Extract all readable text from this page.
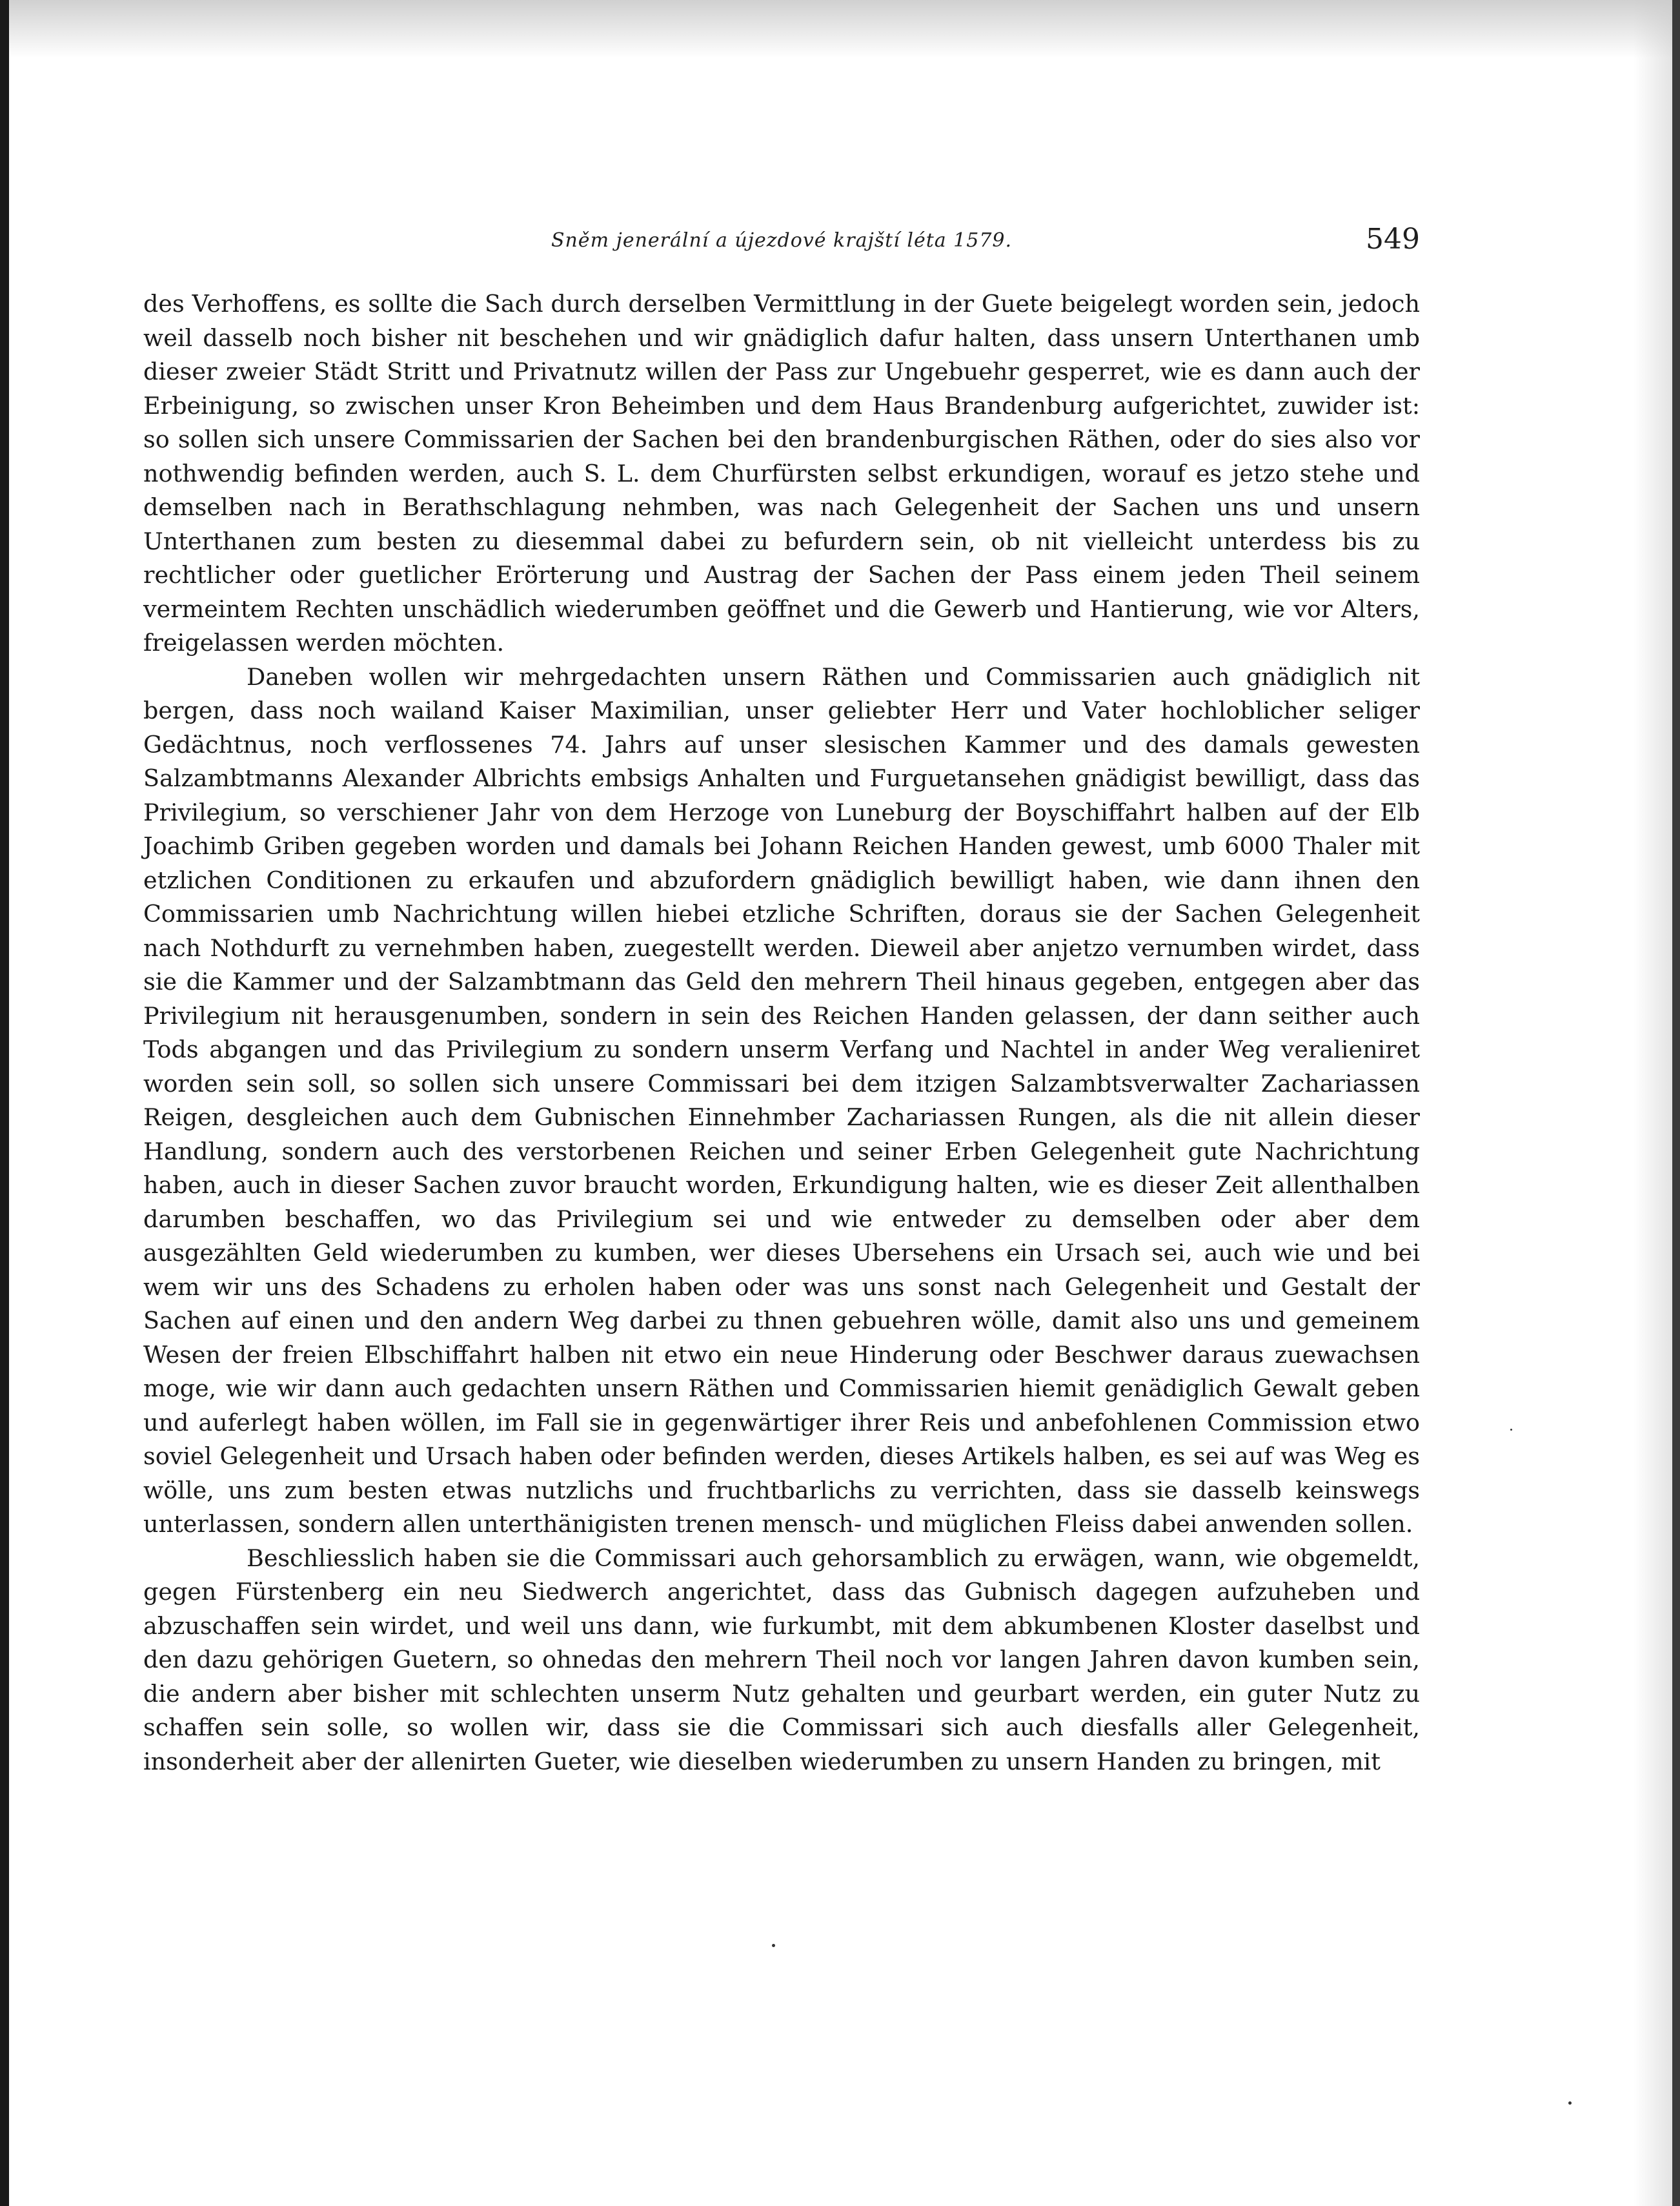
Sněm jenerální a újezdové krajští léta 1579.	549

des Verhoffens, es sollte die Sach durch derselben Vermittlung in der Guete beigelegt worden sein, jedoch weil dasselb noch bisher nit beschehen und wir gnädiglich dafur halten, dass unsern Unterthanen umb dieser zweier Städt Stritt und Privatnutz willen der Pass zur Ungebuehr gesperret, wie es dann auch der Erbeinigung, so zwischen unser Kron Beheimben und dem Haus Brandenburg aufgerichtet, zuwider ist: so sollen sich unsere Commissarien der Sachen bei den brandenburgischen Räthen, oder do sies also vor nothwendig befinden werden, auch S. L. dem Churfürsten selbst erkundigen, worauf es jetzo stehe und demselben nach in Berathschlagung nehmben, was nach Gelegenheit der Sachen uns und unsern Unterthanen zum besten zu diesemmal dabei zu befurdern sein, ob nit vielleicht unterdess bis zu rechtlicher oder guetlicher Erörterung und Austrag der Sachen der Pass einem jeden Theil seinem vermeintem Rechten unschädlich wiederumben geöffnet und die Gewerb und Hantierung, wie vor Alters, freigelassen werden möchten.

Daneben wollen wir mehrgedachten unsern Räthen und Commissarien auch gnädiglich nit bergen, dass noch wailand Kaiser Maximilian, unser geliebter Herr und Vater hochloblicher seliger Gedächtnus, noch verflossenes 74. Jahrs auf unser slesischen Kammer und des damals gewesten Salzambtmanns Alexander Albrichts embsigs Anhalten und Furguetansehen gnädigist bewilligt, dass das Privilegium, so verschiener Jahr von dem Herzoge von Luneburg der Boyschiffahrt halben auf der Elb Joachimb Griben gegeben worden und damals bei Johann Reichen Handen gewest, umb 6000 Thaler mit etzlichen Conditionen zu erkaufen und abzufordern gnädiglich bewilligt haben, wie dann ihnen den Commissarien umb Nachrichtung willen hiebei etzliche Schriften, doraus sie der Sachen Gelegenheit nach Nothdurft zu vernehmben haben, zuegestellt werden. Dieweil aber anjetzo vernumben wirdet, dass sie die Kammer und der Salzambtmann das Geld den mehrern Theil hinaus gegeben, entgegen aber das Privilegium nit herausgenumben, sondern in sein des Reichen Handen gelassen, der dann seither auch Tods abgangen und das Privilegium zu sondern unserm Verfang und Nachtel in ander Weg veralieniret worden sein soll, so sollen sich unsere Commissari bei dem itzigen Salzambtsverwalter Zachariassen Reigen, desgleichen auch dem Gubnischen Einnehmber Zachariassen Rungen, als die nit allein dieser Handlung, sondern auch des verstorbenen Reichen und seiner Erben Gelegenheit gute Nachrichtung haben, auch in dieser Sachen zuvor braucht worden, Erkundigung halten, wie es dieser Zeit allenthalben darumben beschaffen, wo das Privilegium sei und wie entweder zu demselben oder aber dem ausgezählten Geld wiederumben zu kumben, wer dieses Ubersehens ein Ursach sei, auch wie und bei wem wir uns des Schadens zu erholen haben oder was uns sonst nach Gelegenheit und Gestalt der Sachen auf einen und den andern Weg darbei zu thnen gebuehren wölle, damit also uns und gemeinem Wesen der freien Elbschiffahrt halben nit etwo ein neue Hinderung oder Beschwer daraus zuewachsen moge, wie wir dann auch gedachten unsern Räthen und Commissarien hiemit genädiglich Gewalt geben und auferlegt haben wöllen, im Fall sie in gegenwärtiger ihrer Reis und anbefohlenen Commission etwo soviel Gelegenheit und Ursach haben oder befinden werden, dieses Artikels halben, es sei auf was Weg es wölle, uns zum besten etwas nutzlichs und fruchtbarlichs zu verrichten, dass sie dasselb keinswegs unterlassen, sondern allen unterthänigisten trenen mensch- und müglichen Fleiss dabei anwenden sollen.

Beschliesslich haben sie die Commissari auch gehorsamblich zu erwägen, wann, wie obgemeldt, gegen Fürstenberg ein neu Siedwerch angerichtet, dass das Gubnisch dagegen aufzuheben und abzuschaffen sein wirdet, und weil uns dann, wie furkumbt, mit dem abkumbenen Kloster daselbst und den dazu gehörigen Guetern, so ohnedas den mehrern Theil noch vor langen Jahren davon kumben sein, die andern aber bisher mit schlechten unserm Nutz gehalten und geurbart werden, ein guter Nutz zu schaffen sein solle, so wollen wir, dass sie die Commissari sich auch diesfalls aller Gelegenheit, insonderheit aber der allenirten Gueter, wie dieselben wiederumben zu unsern Handen zu bringen, mit
